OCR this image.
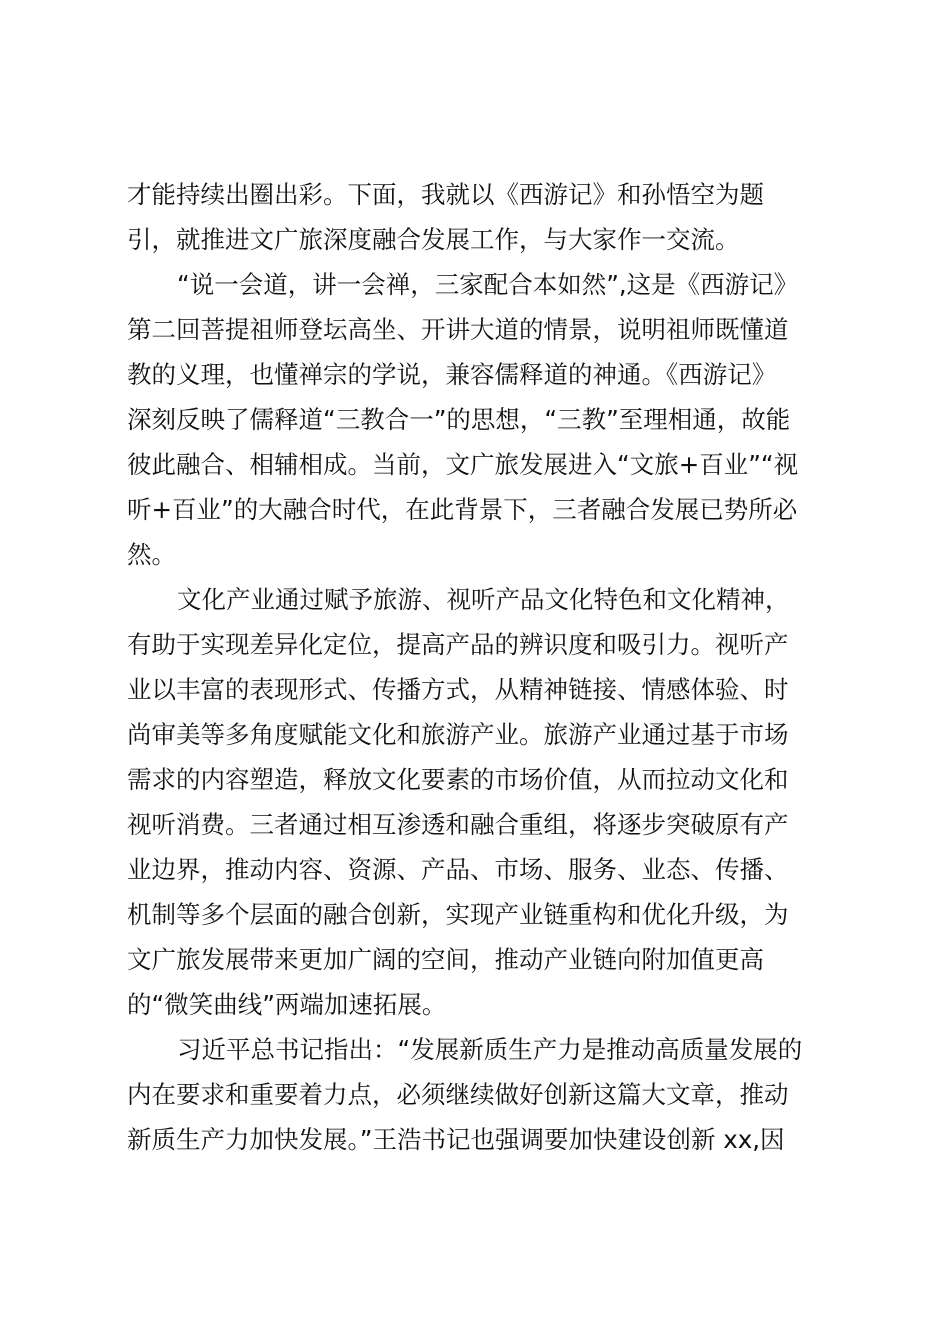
才能持续出圈出彩。下面，我就以《西游记》和孙悟空为题
引，就推进文广旅深度融合发展工作，与大家作一交流。
“说一会道，讲一会禅，三家配合本如然”,这是《西游记》
第二回菩提祖师登坛高坐、开讲大道的情景，说明祖师既懂道
教的义理，也懂禅宗的学说，兼容儒释道的神通。《西游记》
深刻反映了儒释道“三教合一”的思想，“三教”至理相通，故能
彼此融合、相辅相成。当前，文广旅发展进入“文旅+百业”“视
听+百业”的大融合时代，在此背景下，三者融合发展已势所必
然。
文化产业通过赋予旅游、视听产品文化特色和文化精神，
有助于实现差异化定位，提高产品的辨识度和吸引力。视听产
业以丰富的表现形式、传播方式，从精神链接、情感体验、时
尚审美等多角度赋能文化和旅游产业。旅游产业通过基于市场
需求的内容塑造，释放文化要素的市场价值，从而拉动文化和
视听消费。三者通过相互渗透和融合重组，将逐步突破原有产
业边界，推动内容、资源、产品、市场、服务、业态、传播、
机制等多个层面的融合创新，实现产业链重构和优化升级，为
文广旅发展带来更加广阔的空间，推动产业链向附加值更高
的“微笑曲线”两端加速拓展。
习近平总书记指出：“发展新质生产力是推动高质量发展的
内在要求和重要着力点，必须继续做好创新这篇大文章，推动
新质生产力加快发展。”王浩书记也强调要加快建设创新 xx,因
